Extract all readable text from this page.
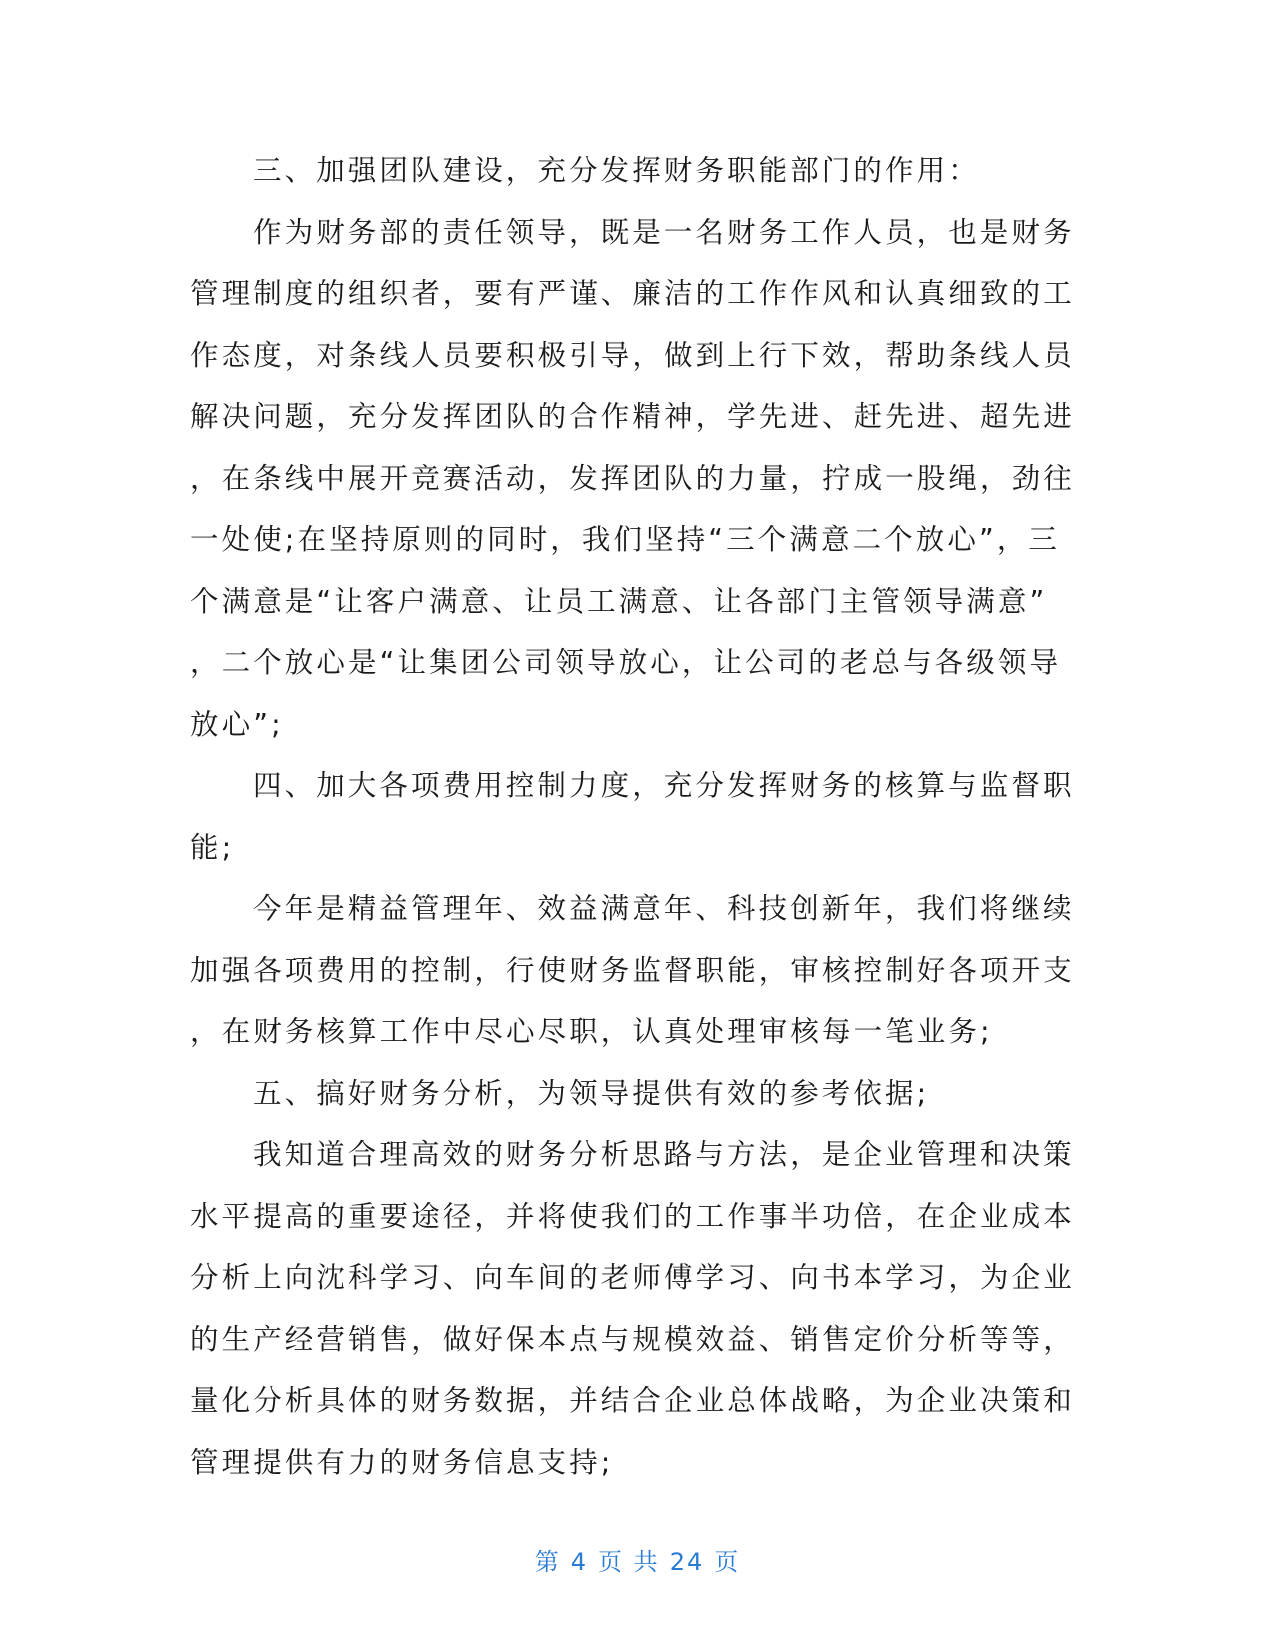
三、加强团队建设，充分发挥财务职能部门的作用：
作为财务部的责任领导，既是一名财务工作人员，也是财务
管理制度的组织者，要有严谨、廉洁的工作作风和认真细致的工
作态度，对条线人员要积极引导，做到上行下效，帮助条线人员
解决问题，充分发挥团队的合作精神，学先进、赶先进、超先进
，在条线中展开竞赛活动，发挥团队的力量，拧成一股绳，劲往
一处使;在坚持原则的同时，我们坚持“三个满意二个放心”，三
个满意是“让客户满意、让员工满意、让各部门主管领导满意”
，二个放心是“让集团公司领导放心，让公司的老总与各级领导
放心”;
四、加大各项费用控制力度，充分发挥财务的核算与监督职
能;
今年是精益管理年、效益满意年、科技创新年，我们将继续
加强各项费用的控制，行使财务监督职能，审核控制好各项开支
，在财务核算工作中尽心尽职，认真处理审核每一笔业务;
五、搞好财务分析，为领导提供有效的参考依据;
我知道合理高效的财务分析思路与方法，是企业管理和决策
水平提高的重要途径，并将使我们的工作事半功倍，在企业成本
分析上向沈科学习、向车间的老师傅学习、向书本学习，为企业
的生产经营销售，做好保本点与规模效益、销售定价分析等等，
量化分析具体的财务数据，并结合企业总体战略，为企业决策和
管理提供有力的财务信息支持;
第 4 页 共 24 页
